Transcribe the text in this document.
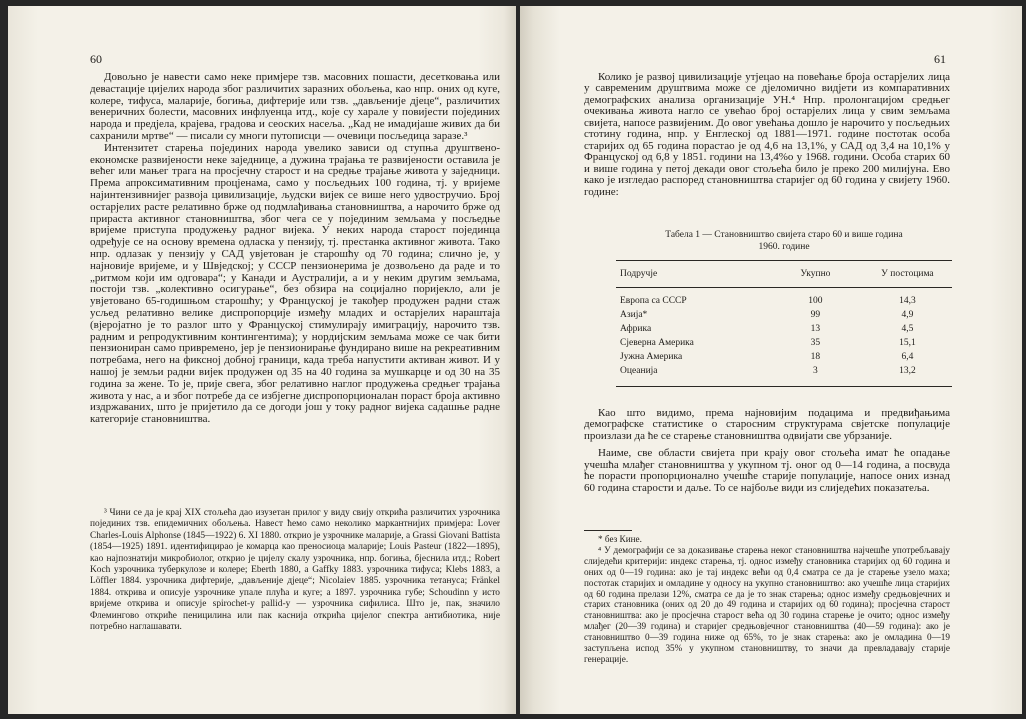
60

Довољно је навести само неке примјере тзв. масовних пошасти, десетковања или девастације цијелих народа због различитих заразних обољења, као нпр. оних од куге, колере, тифуса, маларије, богиња, дифтерије или тзв. „дављеније дјеце“, различитих венеричних болести, масовних инфлуенца итд., које су харале у повијести појединих народа и предјела, крајева, градова и сеоских насеља. „Кад не имадијаше живих да би сахранили мртве“ — писали су многи путописци — очевици посљедица заразе.³

Интензитет старења појединих народа увелико зависи од ступња друштвено-економске развијености неке заједнице, а дужина трајања те развијености оставила је већег или мањег трага на просјечну старост и на средње трајање живота у заједници. Према апроксимативним процјенама, само у посљедњих 100 година, тј. у вријеме најинтензивнијег развоја цивилизације, људски вијек се више него удвостручио. Број остарјелих расте релативно брже од подмлађивања становништва, а нарочито брже од прираста активног становништва, због чега се у појединим земљама у посљедње вријеме приступа продужењу радног вијека. У неких народа старост појединца одређује се на основу времена одласка у пензију, тј. престанка активног живота. Тако нпр. одлазак у пензију у САД увјетован је старошћу од 70 година; слично је, у најновије вријеме, и у Швједској; у СССР пензионерима је дозвољено да раде и то „ритмом који им одговара“; у Канади и Аустралији, а и у неким другим земљама, постоји тзв. „колективно осигурање“, без обзира на социјално поријекло, али је увјетовано 65-годишњом старошћу; у Француској је такођер продужен радни стаж усљед релативно велике диспропорције између младих и остарјелих нараштаја (вјеројатно је то разлог што у Француској стимулирају имиграцију, нарочито тзв. радним и репродуктивним контингентима); у нордијским земљама може се чак бити пензиониран само привремено, јер је пензионирање фундирано више на рекреативним потребама, него на фиксној добној граници, када треба напустити активан живот. И у нашој је земљи радни вијек продужен од 35 на 40 година за мушкарце и од 30 на 35 година за жене. То је, прије свега, због релативно наглог продужења средњег трајања живота у нас, а и због потребе да се избјегне диспропорционалан пораст броја активно издржаваних, што је пријетило да се догоди још у току радног вијека садашње радне категорије становништва.

³ Чини се да је крај XIX стољећа дао изузетан прилог у виду свију открића различитих узрочника појединих тзв. епидемичних обољења. Навест ћемо само неколико маркантнијих примјера: Lover Charles-Louis Alphonse (1845—1922) 6. XI 1880. открио је узрочнике маларије, а Grassi Giovani Battista (1854—1925) 1891. идентифицирао је комарца као преносиоца маларије; Louis Pasteur (1822—1895), као најпознатији микробиолог, открио је цијелу скалу узрочника, нпр. богиња, бјеснила итд.; Robert Koch узрочника туберкулозе и колере; Eberth 1880, а Gaffky 1883. узрочника тифуса; Klebs 1883, а Löffler 1884. узрочника дифтерије, „дављеније дјеце“; Nicolaiev 1885. узрочника тетануса; Fränkel 1884. открива и описује узрочнике упале плућа и куге; а 1897. узрочника губе; Schoudinn у исто вријеме открива и описује spirochet-у pallid-у — узрочника сифилиса. Што је, пак, значило Флемингово откриће пеницилина или пак каснија открића цијелог спектра антибиотика, није потребно наглашавати.

61

Колико је развој цивилизације утјецао на повећање броја остарјелих лица у савременим друштвима може се дјеломично видјети из компаративних демографских анализа организације УН.⁴ Нпр. пролонгацијом средњег очекивања живота нагло се увећао број остарјелих лица у свим земљама свијета, напосе развијеним. До овог увећања дошло је нарочито у посљедњих стотину година, нпр. у Енглеској од 1881—1971. године постотак особа старијих од 65 година порастао је од 4,6 на 13,1%, у САД од 3,4 на 10,1% у Француској од 6,8 у 1851. години на 13,4%о у 1968. години. Особа старих 60 и више година у петој декади овог стољећа било је преко 200 милијуна. Ево како је изгледао распоред становништва старијег од 60 година у свијету 1960. године:

Табела 1 — Становништво свијета старо 60 и више година
1960. године
Подручје	Укупно	У постоцима
Европа са СССР	100	14,3
Азија*	99	4,9
Африка	13	4,5
Сјеверна Америка	35	15,1
Јужна Америка	18	6,4
Оцеанија	3	13,2

Као што видимо, према најновијим подацима и предвиђањима демографске статистике о старосним структурама свјетске популације произлази да ће се старење становништва одвијати све убрзаније.

Наиме, све области свијета при крају овог стољећа имат ће опадање учешћа млађег становништва у укупном тј. оног од 0—14 година, а посвуда ће порасти пропорционално учешће старије популације, напосе оних изнад 60 година старости и даље. То се најбоље види из слиједећих показатеља.

* без Кине.

⁴ У демографији се за доказивање старења неког становништва најчешће употребљавају слиједећи критерији: индекс старења, тј. однос између становника старијих од 60 година и оних од 0—19 година: ако је тај индекс већи од 0,4 сматра се да је старење узело маха; постотак старијих и омладине у односу на укупно становништво: ако учешће лица старијих од 60 година прелази 12%, сматра се да је то знак старења; однос између средњовјечних и старих становника (оних од 20 до 49 година и старијих од 60 година); просјечна старост становништва: ако је просјечна старост већа од 30 година старење је очито; однос између млађег (20—39 година) и старијег средњовјечног становништва (40—59 година): ако је становништво 0—39 година ниже од 65%, то је знак старења: ако је омладина 0—19 заступљена испод 35% у укупном становништву, то значи да превладавају старије генерације.
